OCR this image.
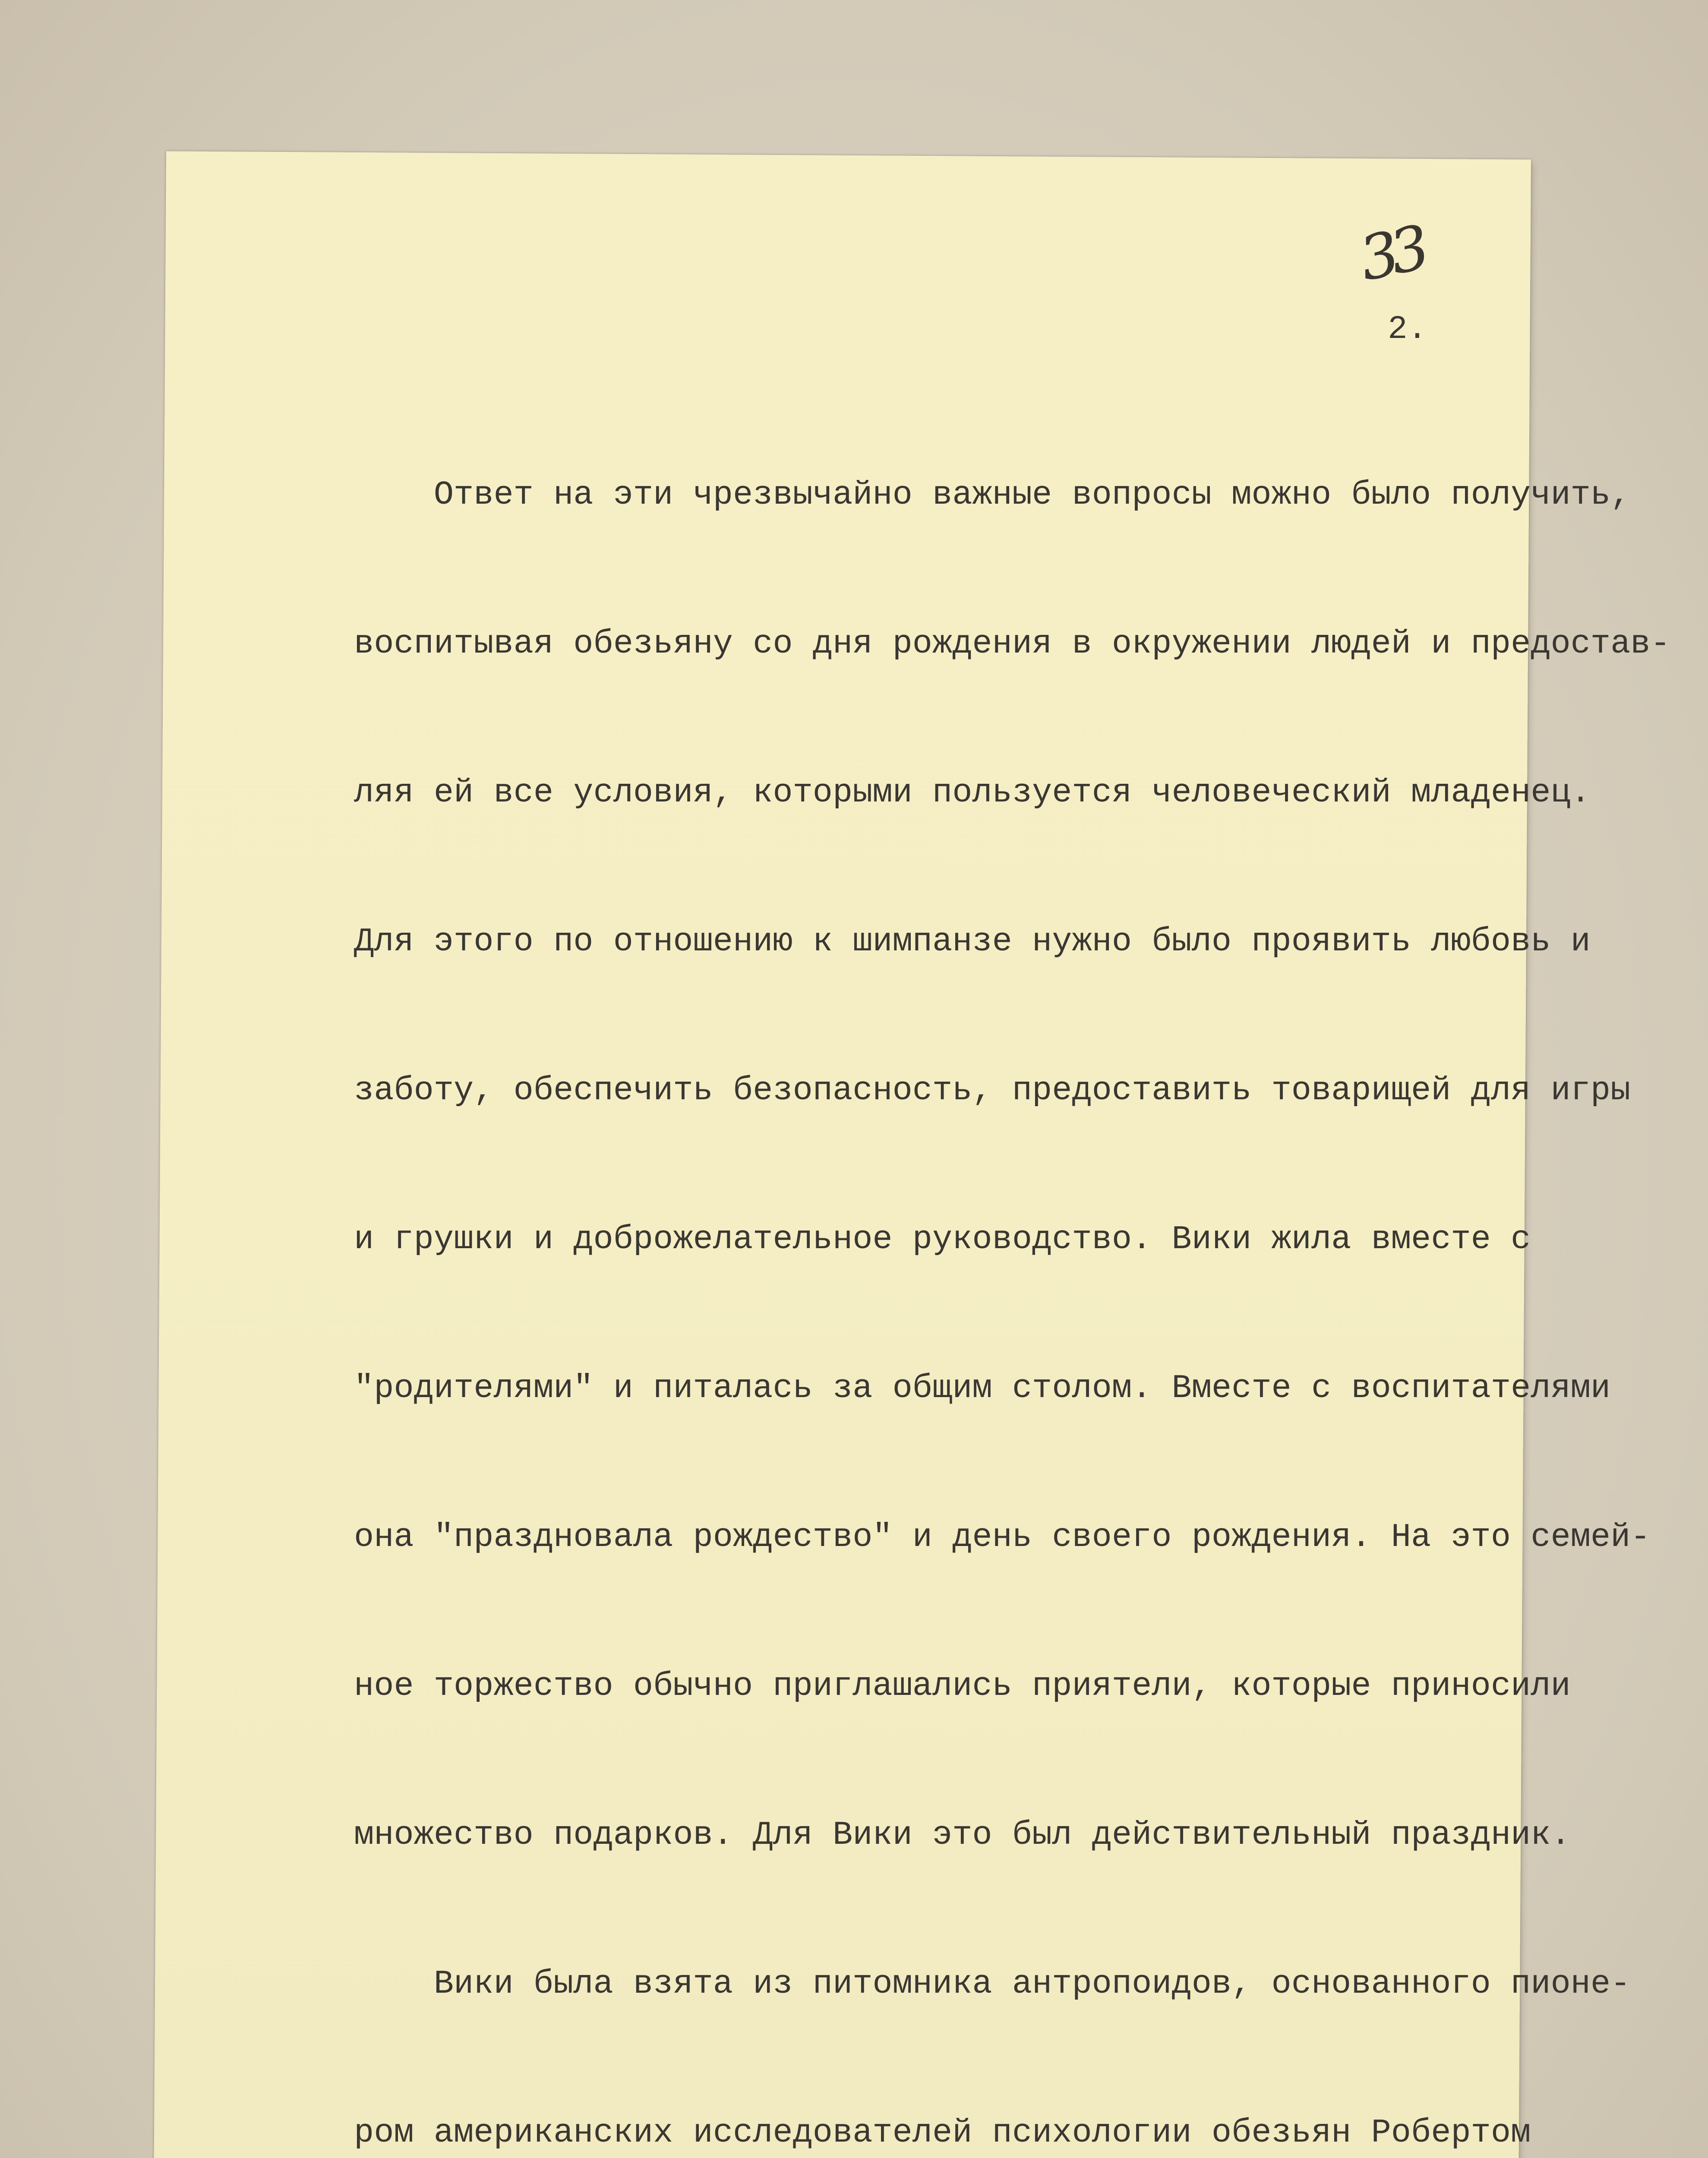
33
2.

Ответ на эти чрезвычайно важные вопросы можно было получить,

воспитывая обезьяну со дня рождения в окружении людей и предостав-

ляя ей все условия, которыми пользуется человеческий младенец.

Для этого по отношению к шимпанзе нужно было проявить любовь и

заботу, обеспечить безопасность, предоставить товарищей для игры

и грушки и доброжелательное руководство. Вики жила вместе с

"родителями" и питалась за общим столом. Вместе с воспитателями

она "праздновала рождество" и день своего рождения. На это семей-

ное торжество обычно приглашались приятели, которые приносили

множество подарков. Для Вики это был действительный праздник.

Вики была взята из питомника антропоидов, основанного пионе-

ром американских исследователей психологии обезьян Робертом
